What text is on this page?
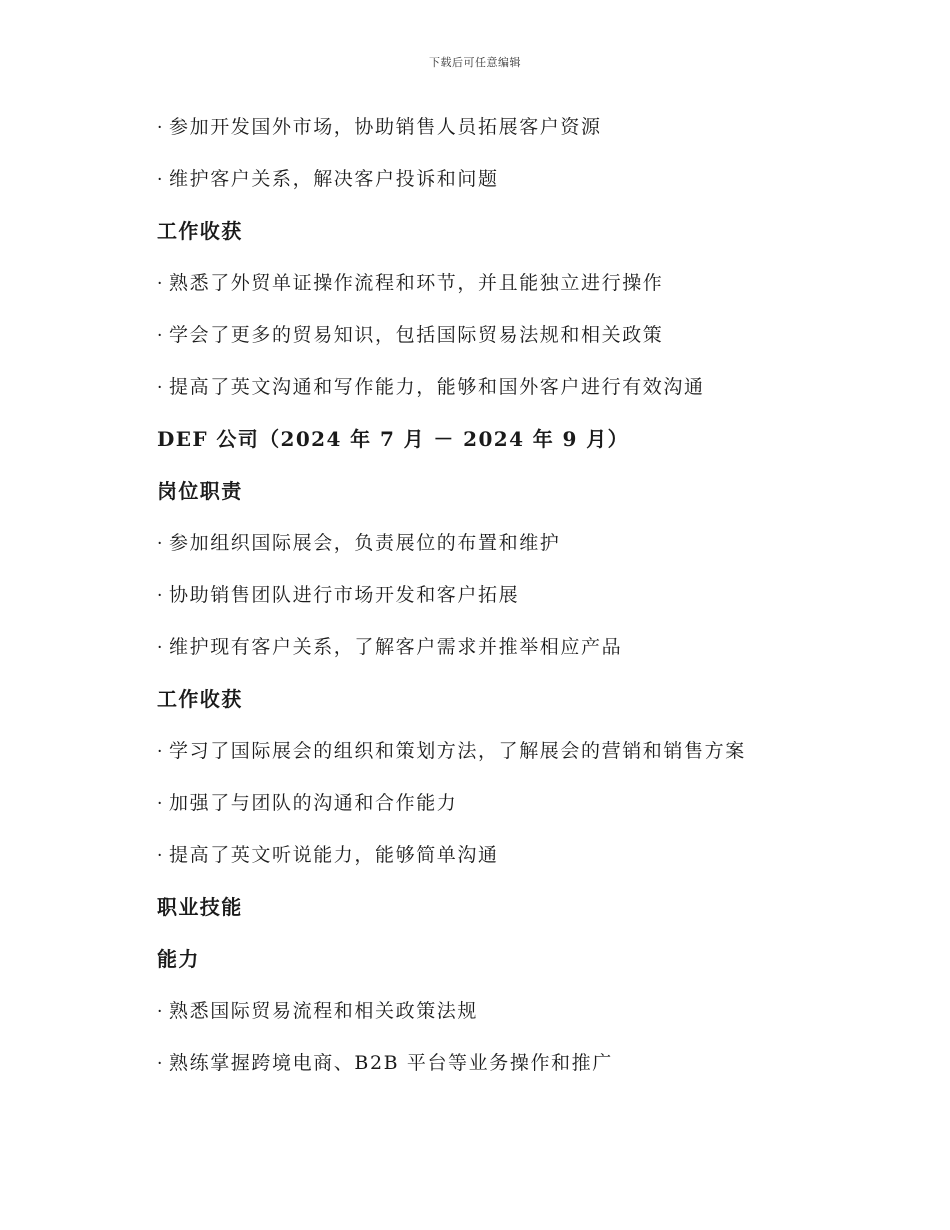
下载后可任意编辑
· 参加开发国外市场，协助销售人员拓展客户资源
· 维护客户关系，解决客户投诉和问题
工作收获
· 熟悉了外贸单证操作流程和环节，并且能独立进行操作
· 学会了更多的贸易知识，包括国际贸易法规和相关政策
· 提高了英文沟通和写作能力，能够和国外客户进行有效沟通
DEF 公司（2024 年 7 月 － 2024 年 9 月）
岗位职责
· 参加组织国际展会，负责展位的布置和维护
· 协助销售团队进行市场开发和客户拓展
· 维护现有客户关系，了解客户需求并推举相应产品
工作收获
· 学习了国际展会的组织和策划方法，了解展会的营销和销售方案
· 加强了与团队的沟通和合作能力
· 提高了英文听说能力，能够简单沟通
职业技能
能力
· 熟悉国际贸易流程和相关政策法规
· 熟练掌握跨境电商、B2B 平台等业务操作和推广
